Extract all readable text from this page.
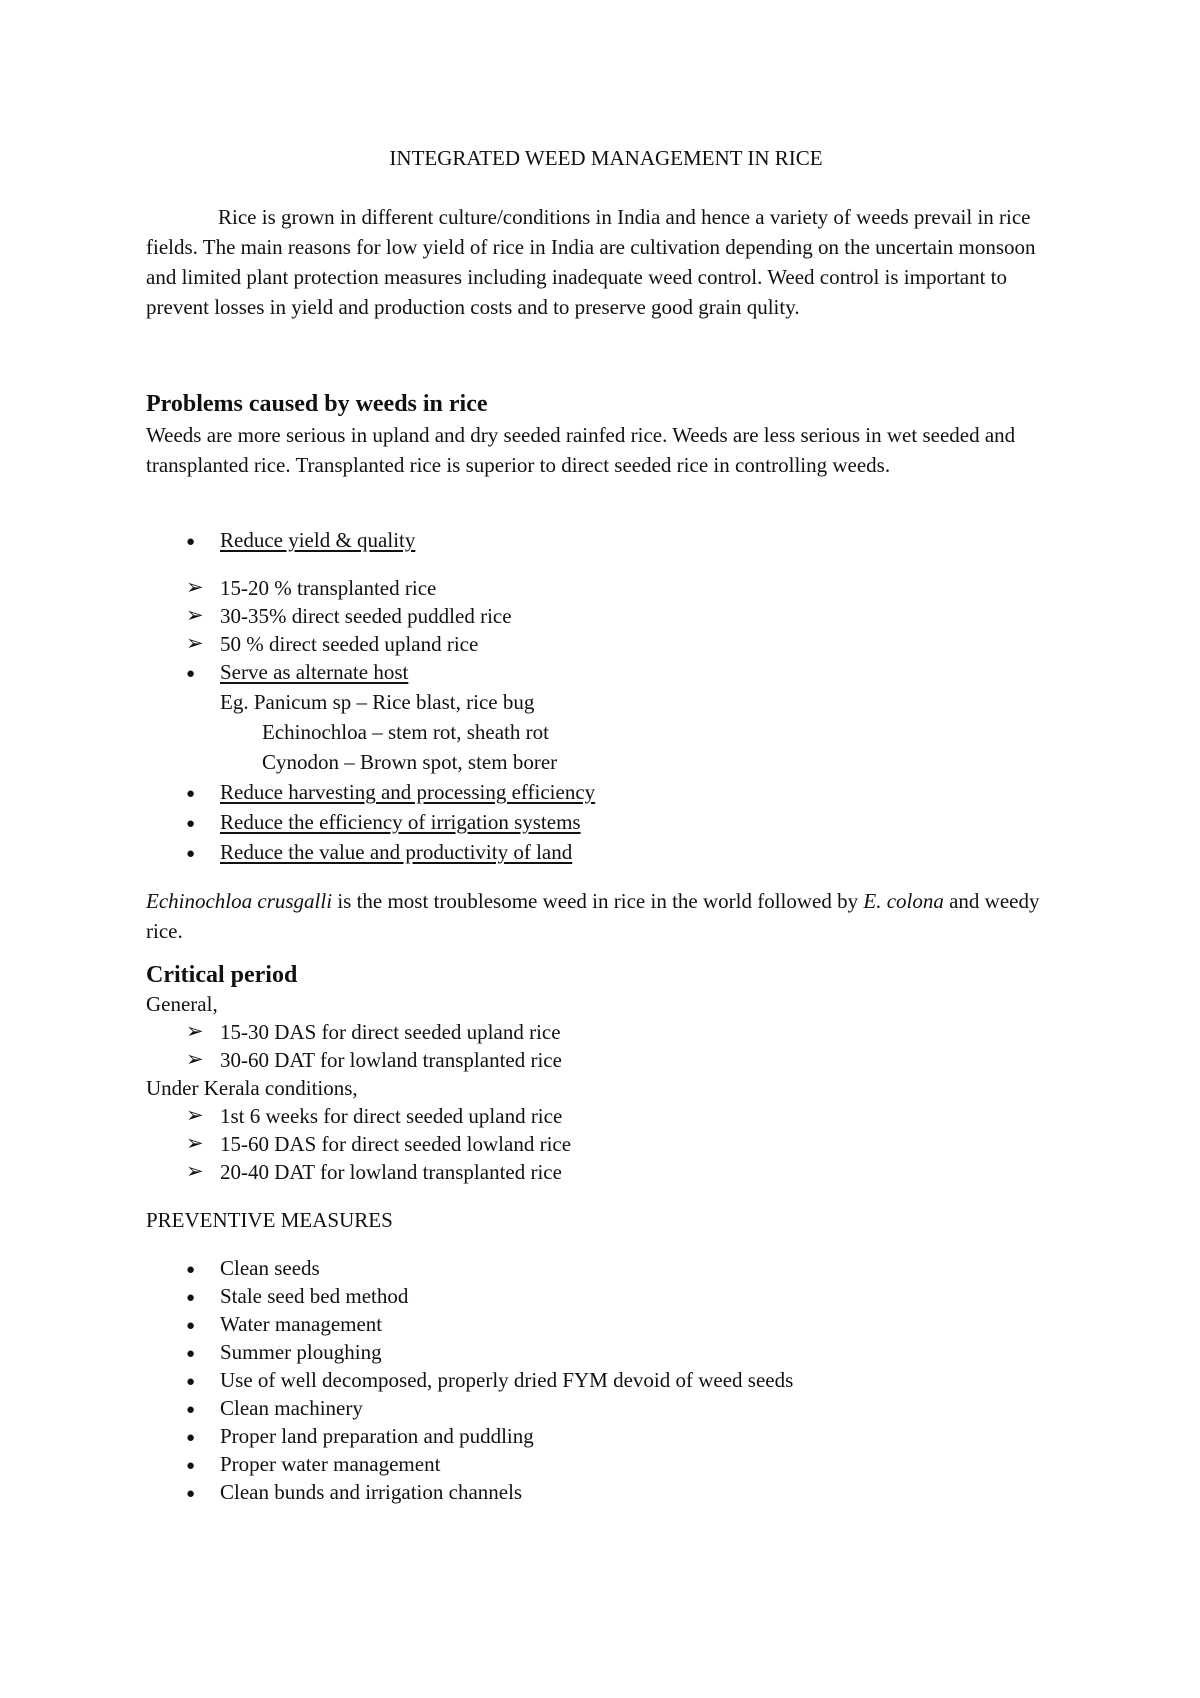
INTEGRATED WEED MANAGEMENT IN RICE

Rice is grown in different culture/conditions in India and hence a variety of weeds prevail in rice fields. The main reasons for low yield of rice in India are cultivation depending on the uncertain monsoon and limited plant protection measures including inadequate weed control. Weed control is important to prevent losses in yield and production costs and to preserve good grain qulity.

Problems caused by weeds in rice

Weeds are more serious in upland and dry seeded rainfed rice. Weeds are less serious in wet seeded and transplanted rice. Transplanted rice is superior to direct seeded rice in controlling weeds.

● Reduce yield & quality
➢ 15-20 % transplanted rice
➢ 30-35% direct seeded puddled rice
➢ 50 % direct seeded upland rice
● Serve as alternate host
Eg. Panicum sp – Rice blast, rice bug
Echinochloa – stem rot, sheath rot
Cynodon – Brown spot, stem borer
● Reduce harvesting and processing efficiency
● Reduce the efficiency of irrigation systems
● Reduce the value and productivity of land

Echinochloa crusgalli is the most troublesome weed in rice in the world followed by E. colona and weedy rice.

Critical period
General,
➢ 15-30 DAS for direct seeded upland rice
➢ 30-60 DAT for lowland transplanted rice
Under Kerala conditions,
➢ 1st 6 weeks for direct seeded upland rice
➢ 15-60 DAS for direct seeded lowland rice
➢ 20-40 DAT for lowland transplanted rice
PREVENTIVE MEASURES
● Clean seeds
● Stale seed bed method
● Water management
● Summer ploughing
● Use of well decomposed, properly dried FYM devoid of weed seeds
● Clean machinery
● Proper land preparation and puddling
● Proper water management
● Clean bunds and irrigation channels
